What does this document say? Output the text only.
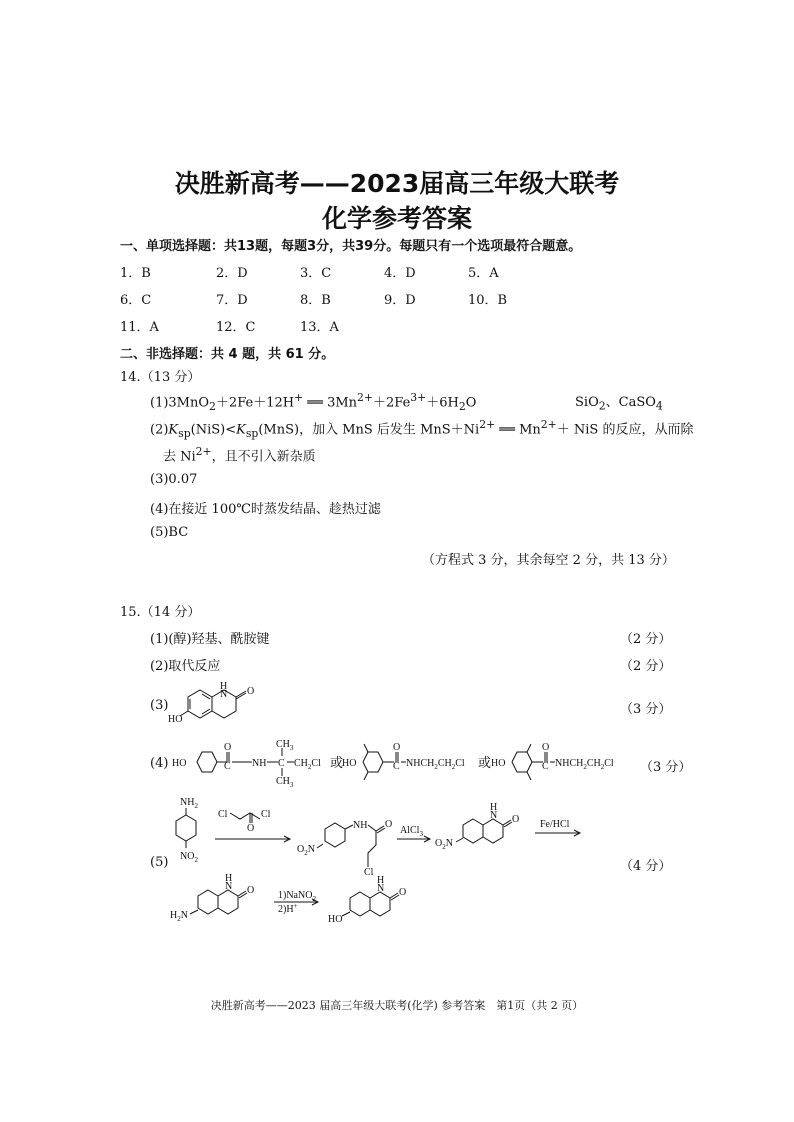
决胜新高考——2023届高三年级大联考
化学参考答案
一、单项选择题：共13题，每题3分，共39分。每题只有一个选项最符合题意。
1．B	2．D	3．C	4．D	5．A
6．C	7．D	8．B	9．D	10．B
11．A	12．C	13．A
二、非选择题：共 4 题，共 61 分。
14.（13 分）
(1)3MnO$_2$＋2Fe＋12H+ ══ $3Mn^{2+}+2Fe^{3+}+6H_2O$	SiO$_2$、CaSO$_4$
$(2)K_{sp}(NiS)<K_{sp}(MnS)$，加入 MnS 后发生 $MnS+Ni^{2+}$ ══ $Mn^{2+}+$ NiS 的反应，从而除
去 $Ni^{2+}$，且不引入新杂质
(3)0.07
(4)在接近 100℃时蒸发结晶、趁热过滤
(5)BC
（方程式 3 分，其余每空 2 分，共 13 分）
15.（14 分）
(1)(醇)羟基、酰胺键	（2 分）
(2)取代反应	（2 分）
(3)	（3 分）
HO
H
N O
(4)	（3 分）
HO
O
C NH C
$CH_3$
$CH_3$
$CH_2Cl$ 或
HO
O
C $NHCH_2CH_2Cl$ 或 HO
O
C $NHCH_2CH_2Cl$
(5)	（4 分）
$NH_2$
$NO_2$
Cl
O
Cl
$O_2N$
NH O
Cl
AlCl$_3$
$O_2N$
O
H
N
Fe/HCl
$H_2N$
O
H
N
1)NaNO$_2$
2)H+
HO
O
H
N
决胜新高考——2023 届高三年级大联考(化学) 参考答案　第1页（共 2 页）
